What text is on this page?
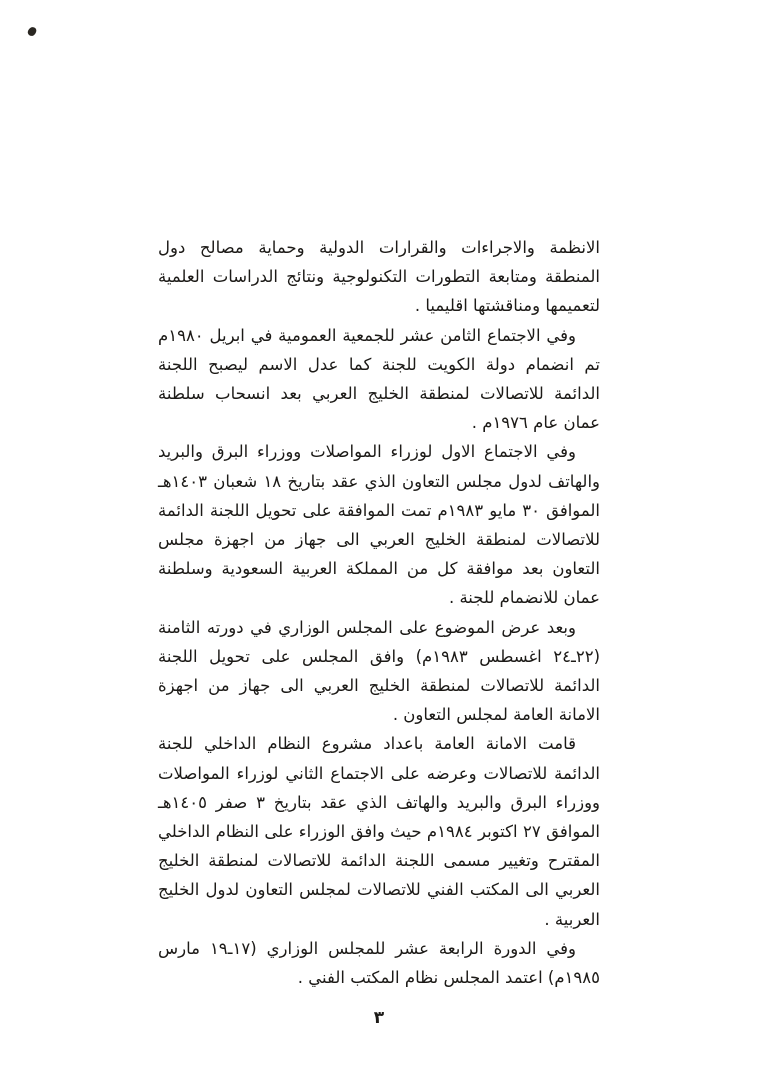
الانظمة والاجراءات والقرارات الدولية وحماية مصالح دول المنطقة ومتابعة التطورات التكنولوجية ونتائج الدراسات العلمية لتعميمها ومناقشتها اقليميا .

وفي الاجتماع الثامن عشر للجمعية العمومية في ابريل ١٩٨٠م تم انضمام دولة الكويت للجنة كما عدل الاسم ليصبح اللجنة الدائمة للاتصالات لمنطقة الخليج العربي بعد انسحاب سلطنة عمان عام ١٩٧٦م .

وفي الاجتماع الاول لوزراء المواصلات ووزراء البرق والبريد والهاتف لدول مجلس التعاون الذي عقد بتاريخ ١٨ شعبان ١٤٠٣هـ الموافق ٣٠ مايو ١٩٨٣م تمت الموافقة على تحويل اللجنة الدائمة للاتصالات لمنطقة الخليج العربي الى جهاز من اجهزة مجلس التعاون بعد موافقة كل من المملكة العربية السعودية وسلطنة عمان للانضمام للجنة .

وبعد عرض الموضوع على المجلس الوزاري في دورته الثامنة (٢٢ـ٢٤ اغسطس ١٩٨٣م) وافق المجلس على تحويل اللجنة الدائمة للاتصالات لمنطقة الخليج العربي الى جهاز من اجهزة الامانة العامة لمجلس التعاون .

قامت الامانة العامة باعداد مشروع النظام الداخلي للجنة الدائمة للاتصالات وعرضه على الاجتماع الثاني لوزراء المواصلات ووزراء البرق والبريد والهاتف الذي عقد بتاريخ ٣ صفر ١٤٠٥هـ الموافق ٢٧ اكتوبر ١٩٨٤م حيث وافق الوزراء على النظام الداخلي المقترح وتغيير مسمى اللجنة الدائمة للاتصالات لمنطقة الخليج العربي الى المكتب الفني للاتصالات لمجلس التعاون لدول الخليج العربية .

وفي الدورة الرابعة عشر للمجلس الوزاري (١٧ـ١٩ مارس ١٩٨٥م) اعتمد المجلس نظام المكتب الفني .

٣
